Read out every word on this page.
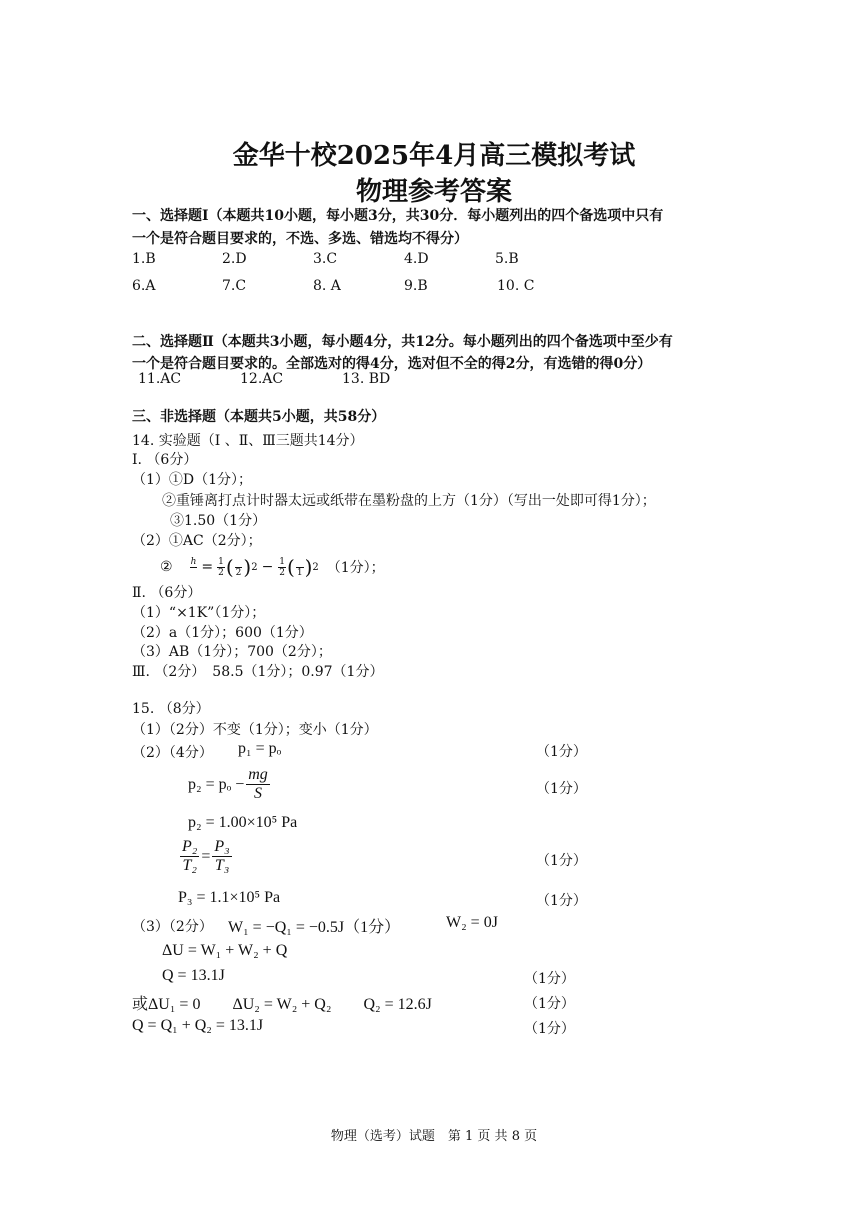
金华十校2025年4月高三模拟考试
物理参考答案
一、选择题Ⅰ（本题共10小题，每小题3分，共30分．每小题列出的四个备选项中只有
一个是符合题目要求的，不选、多选、错选均不得分）
1.B	2.D	3.C	4.D	5.B
6.A	7.C	8. A	9.B	10. C
二、选择题Ⅱ（本题共3小题，每小题4分，共12分。每小题列出的四个备选项中至少有
一个是符合题目要求的。全部选对的得4分，选对但不全的得2分，有选错的得0分）
11.AC	12.AC	13. BD
三、非选择题（本题共5小题，共58分）
14. 实验题（Ⅰ 、Ⅱ、Ⅲ三题共14分）
Ⅰ. （6分）
（1）①D（1分）；
②重锤离打点计时器太远或纸带在墨粉盘的上方（1分）（写出一处即可得1分）；
③1.50（1分）
（2）①AC（2分）；
② h
= $\frac{1}{2}$ (
2 ) $2 - \frac{1}{2}$ (
1 ) 2 （1分）；
Ⅱ. （6分）
（1）“×1K”（1分）；
（2）a（1分）；600（1分）
（3）AB（1分）；700（2分）；
Ⅲ. （2分）　58.5（1分）；0.97（1分）
15. （8分）
（1）（2分）不变（1分）；变小（1分）
（2）（4分） p₁ = pₒ	（1分）
$p_2 = p_o - \frac{mg}{S}$	（1分）
p₂ = 1.00×10⁵ Pa
$\frac{\text{P₂}}{\text{T₂}} = \frac{\text{P₃}}{\text{T₃}}$	（1分）
P₃ = 1.1×10⁵ Pa	（1分）
（3）（2分） W₁ = −Q₁ = −0.5J（1分）	W₂ = 0J
ΔU = W₁ + W₂ + Q
Q = 13.1J	（1分）
或ΔU₁ = 0　　ΔU₂ = W₂ + Q₂　　Q₂ = 12.6J	（1分）
Q = Q₁ + Q₂ = 13.1J	（1分）
物理（选考）试题　第 1 页 共 8 页
